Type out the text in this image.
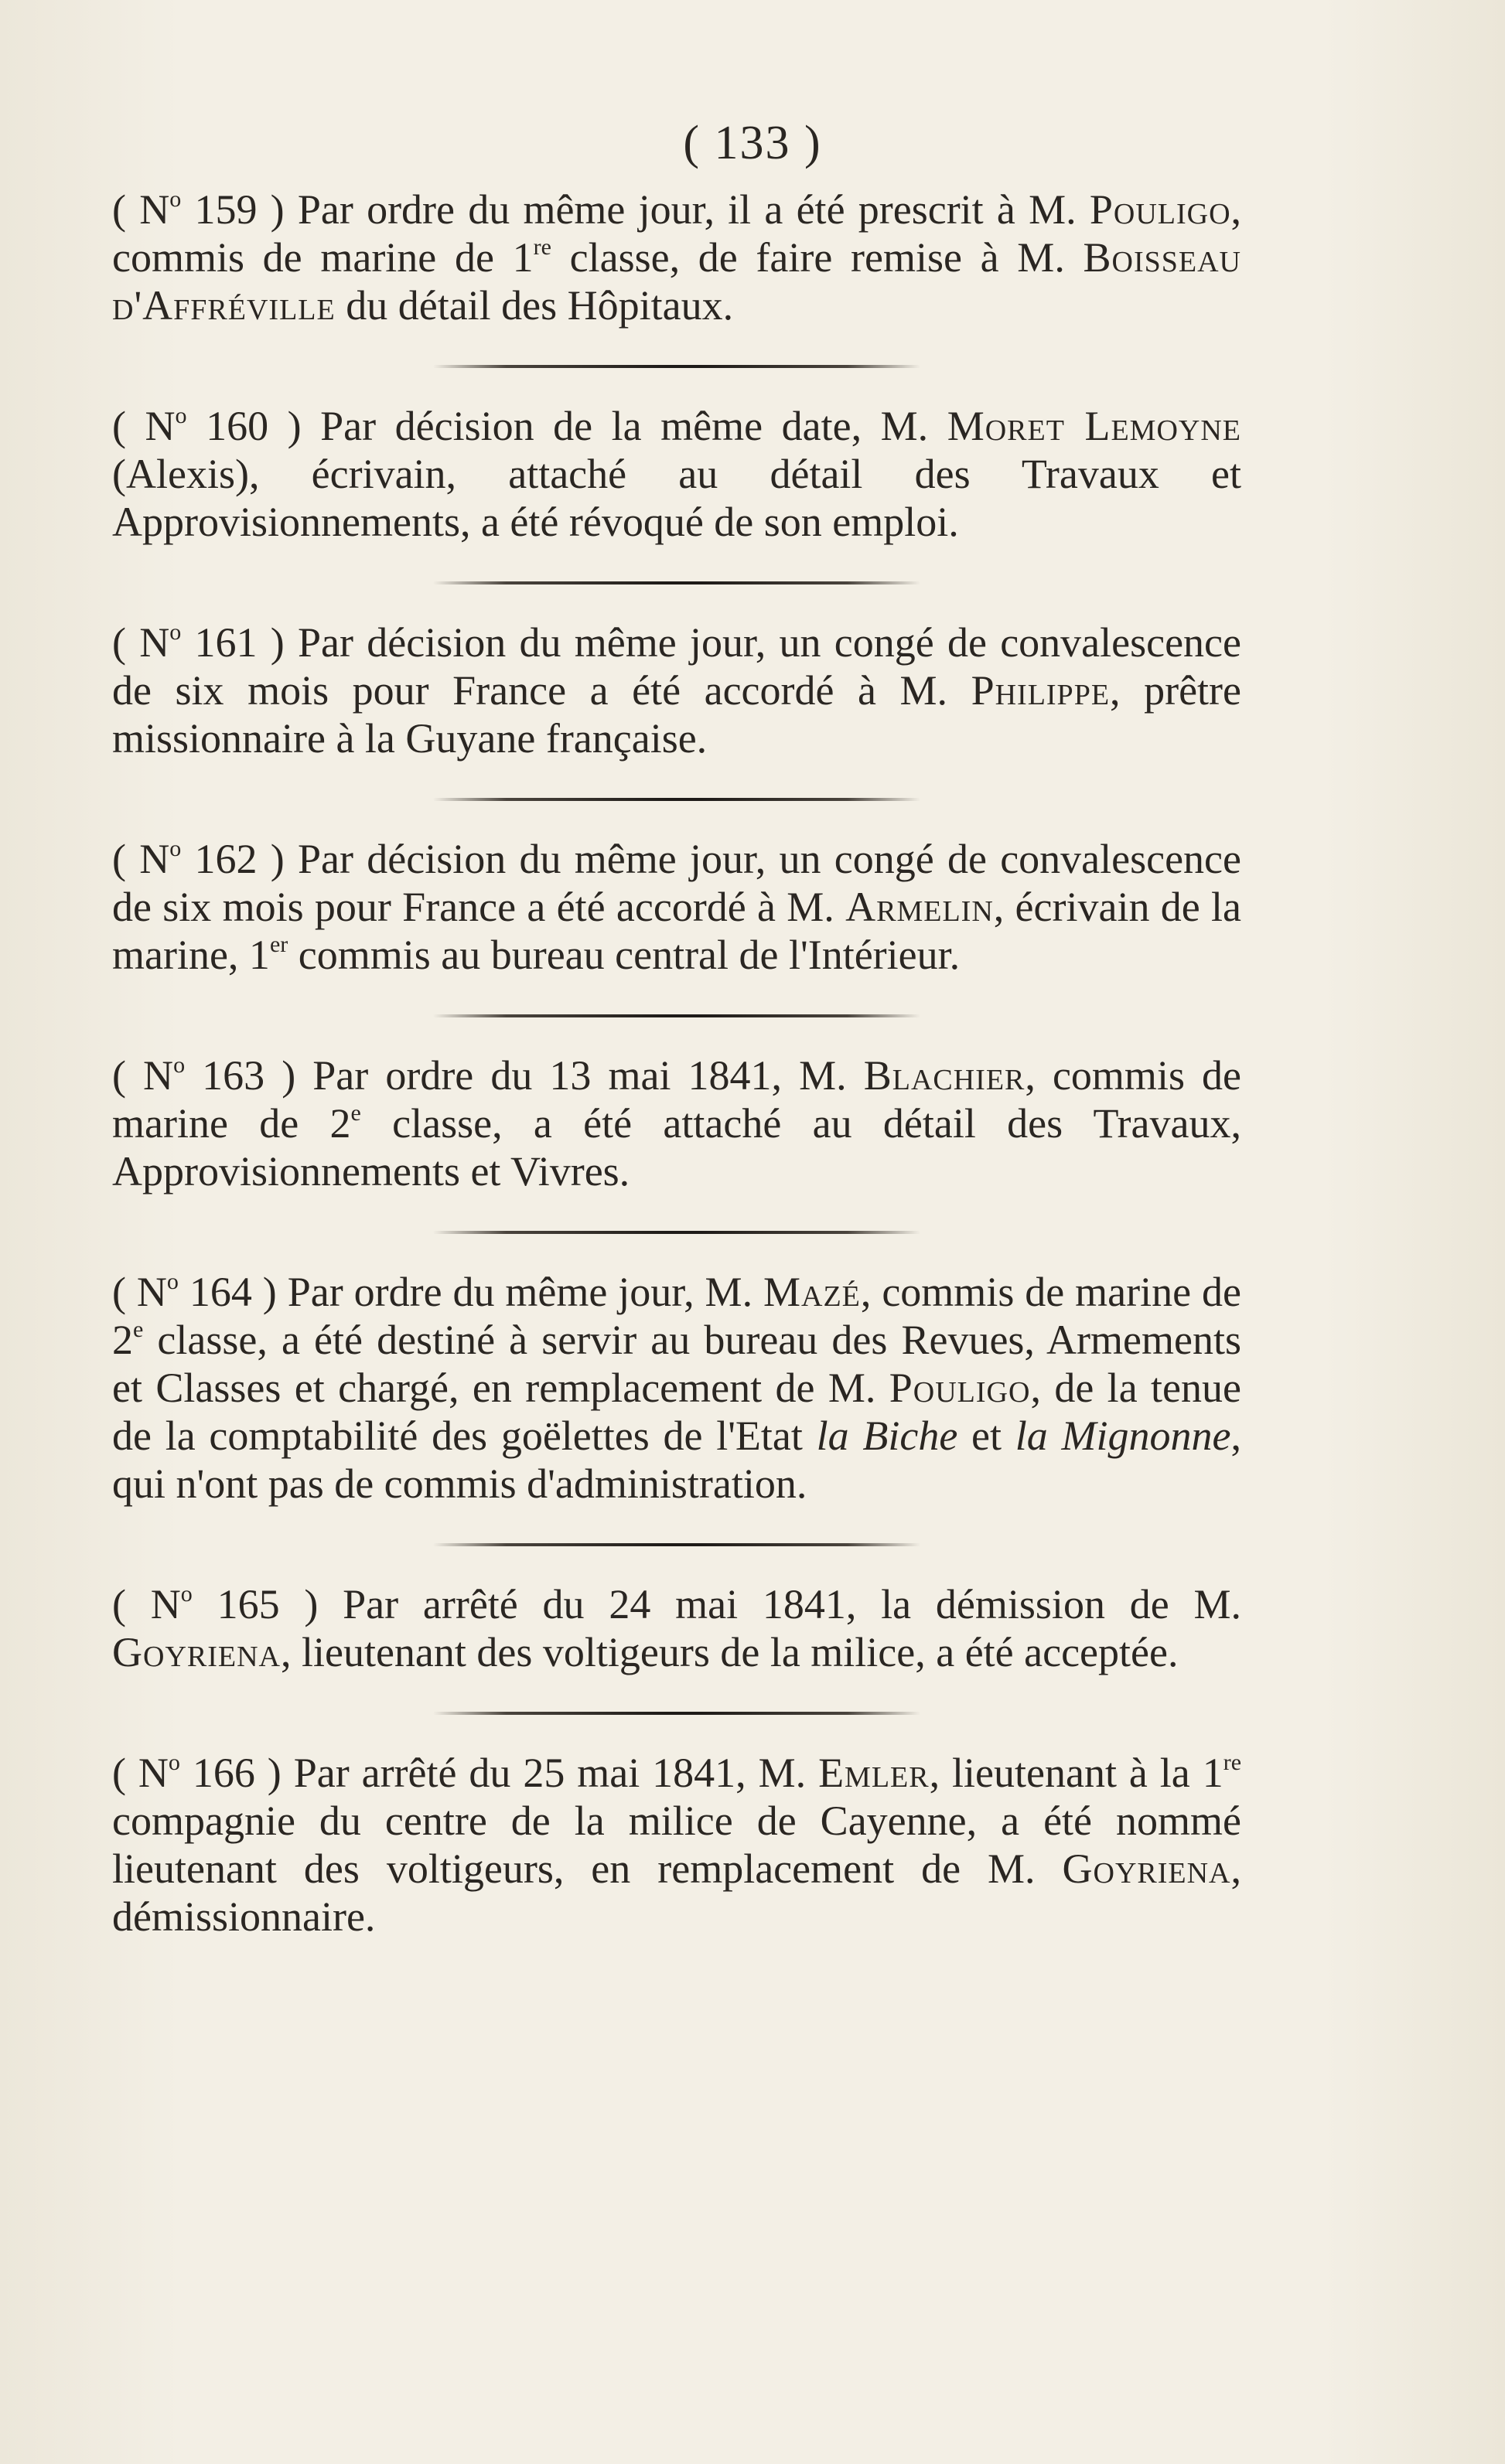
( 133 )

( $N^o$ 159 ) Par ordre du même jour, il a été prescrit à M. Pouligo, commis de marine de 1re classe, de faire remise à M. Boisseau d'Affréville du détail des Hôpitaux.

( $N^o$ 160 ) Par décision de la même date, M. Moret Lemoyne (Alexis), écrivain, attaché au détail des Travaux et Approvisionnements, a été révoqué de son emploi.

( $N^o$ 161 ) Par décision du même jour, un congé de convalescence de six mois pour France a été accordé à M. Philippe, prêtre missionnaire à la Guyane française.

( $N^o$ 162 ) Par décision du même jour, un congé de convalescence de six mois pour France a été accordé à M. Armelin, écrivain de la marine, 1er commis au bureau central de l'Intérieur.

( $N^o$ 163 ) Par ordre du 13 mai 1841, M. Blachier, commis de marine de 2e classe, a été attaché au détail des Travaux, Approvisionnements et Vivres.

( $N^o$ 164 ) Par ordre du même jour, M. Mazé, commis de marine de 2e classe, a été destiné à servir au bureau des Revues, Armements et Classes et chargé, en remplacement de M. Pouligo, de la tenue de la comptabilité des goëlettes de l'Etat la Biche et la Mignonne, qui n'ont pas de commis d'administration.

( $N^o$ 165 ) Par arrêté du 24 mai 1841, la démission de M. Goyriena, lieutenant des voltigeurs de la milice, a été acceptée.

( $N^o$ 166 ) Par arrêté du 25 mai 1841, M. Emler, lieutenant à la 1re compagnie du centre de la milice de Cayenne, a été nommé lieutenant des voltigeurs, en remplacement de M. Goyriena, démissionnaire.
